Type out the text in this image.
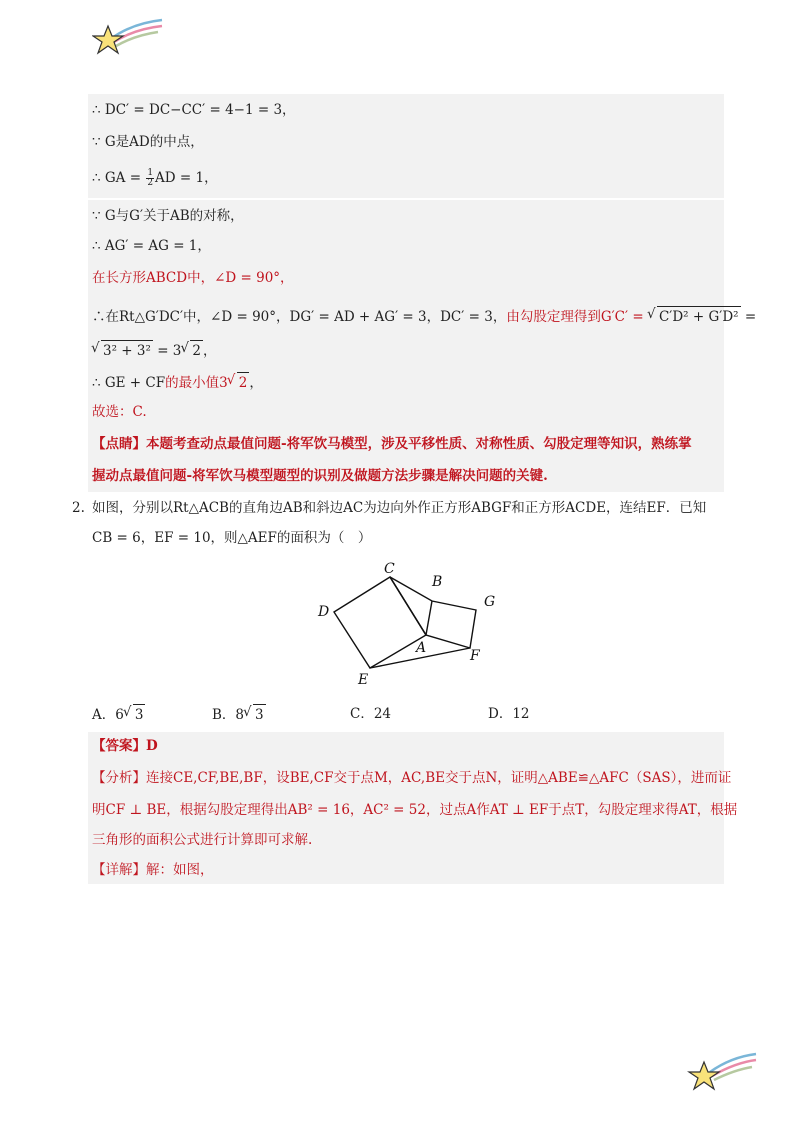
∴ DC′ = DC−CC′ = 4−1 = 3，
∵ G是AD的中点，
∴ GA = $\frac{1}{2}$ AD = 1，
∵ G与G′关于AB的对称，
∴ AG′ = AG = 1，
在长方形ABCD中，∠D = 90°，
∴在Rt△G′DC′中，∠D = 90°，DG′ = AD + AG′ = 3，DC′ = 3，由勾股定理得到G′C′ = √ C′D² + G′D² =
√ 3² + 3² = 3 √ 2 ，
∴ GE + CF的最小值3 √ 2 ，
故选：C.
【点睛】本题考查动点最值问题-将军饮马模型，涉及平移性质、对称性质、勾股定理等知识，熟练掌
握动点最值问题-将军饮马模型题型的识别及做题方法步骤是解决问题的关键.
2. 如图，分别以Rt△ACB的直角边AB和斜边AC为边向外作正方形ABGF和正方形ACDE，连结EF．已知
CB = 6，EF = 10，则△AEF的面积为（　）
C
B
G
D
A	F
E
A．6 √ 3	B．8 √ 3	C．24	D．12
【答案】D
【分析】连接CE,CF,BE,BF，设BE,CF交于点M，AC,BE交于点N，证明△ABE≌△AFC（SAS），进而证
明CF ⊥ BE，根据勾股定理得出AB² = 16，AC² = 52，过点A作AT ⊥ EF于点T，勾股定理求得AT，根据
三角形的面积公式进行计算即可求解.
【详解】解：如图，
